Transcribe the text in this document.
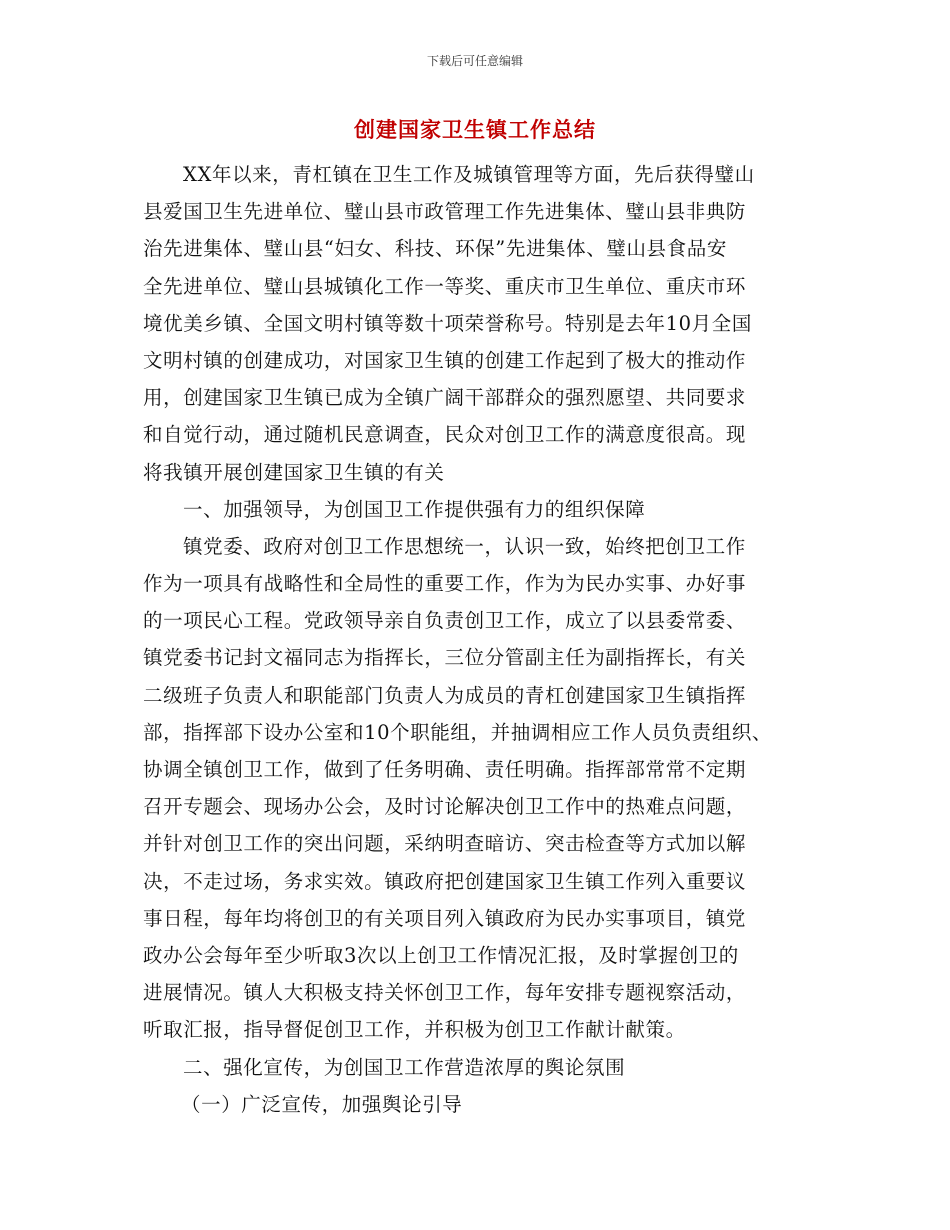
下载后可任意编辑
创建国家卫生镇工作总结
XX年以来，青杠镇在卫生工作及城镇管理等方面，先后获得璧山
县爱国卫生先进单位、璧山县市政管理工作先进集体、璧山县非典防
治先进集体、璧山县“妇女、科技、环保”先进集体、璧山县食品安
全先进单位、璧山县城镇化工作一等奖、重庆市卫生单位、重庆市环
境优美乡镇、全国文明村镇等数十项荣誉称号。特别是去年10月全国
文明村镇的创建成功，对国家卫生镇的创建工作起到了极大的推动作
用，创建国家卫生镇已成为全镇广阔干部群众的强烈愿望、共同要求
和自觉行动，通过随机民意调查，民众对创卫工作的满意度很高。现
将我镇开展创建国家卫生镇的有关
一、加强领导，为创国卫工作提供强有力的组织保障
镇党委、政府对创卫工作思想统一，认识一致，始终把创卫工作
作为一项具有战略性和全局性的重要工作，作为为民办实事、办好事
的一项民心工程。党政领导亲自负责创卫工作，成立了以县委常委、
镇党委书记封文福同志为指挥长，三位分管副主任为副指挥长，有关
二级班子负责人和职能部门负责人为成员的青杠创建国家卫生镇指挥
部，指挥部下设办公室和10个职能组，并抽调相应工作人员负责组织、
协调全镇创卫工作，做到了任务明确、责任明确。指挥部常常不定期
召开专题会、现场办公会，及时讨论解决创卫工作中的热难点问题，
并针对创卫工作的突出问题，采纳明查暗访、突击检查等方式加以解
决，不走过场，务求实效。镇政府把创建国家卫生镇工作列入重要议
事日程，每年均将创卫的有关项目列入镇政府为民办实事项目，镇党
政办公会每年至少听取3次以上创卫工作情况汇报，及时掌握创卫的
进展情况。镇人大积极支持关怀创卫工作，每年安排专题视察活动，
听取汇报，指导督促创卫工作，并积极为创卫工作献计献策。
二、强化宣传，为创国卫工作营造浓厚的舆论氛围
（一）广泛宣传，加强舆论引导
